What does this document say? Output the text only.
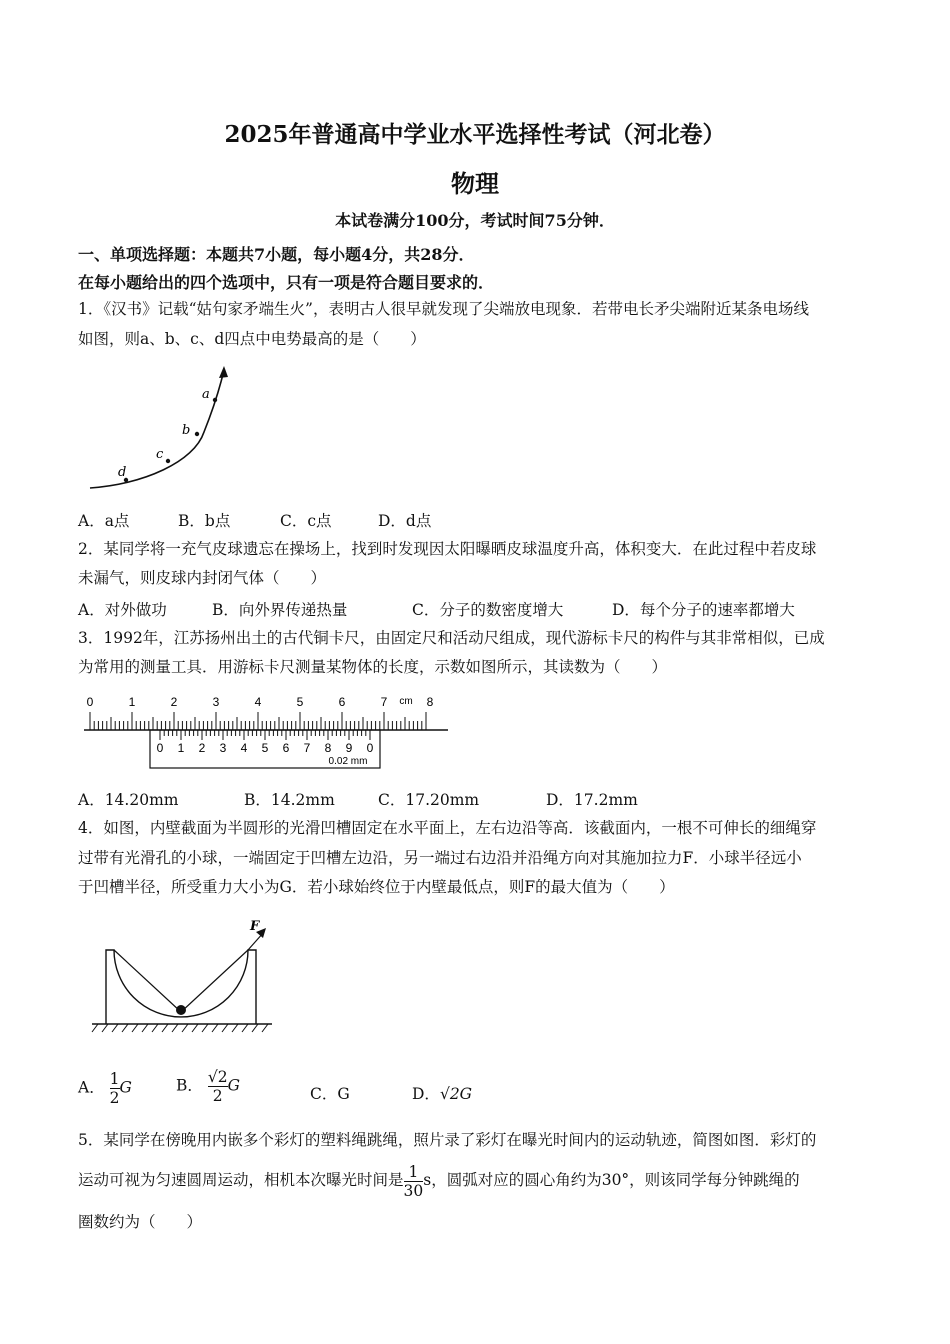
2025年普通高中学业水平选择性考试（河北卷）
物理
本试卷满分100分，考试时间75分钟．
一、单项选择题：本题共7小题，每小题4分，共28分．
在每小题给出的四个选项中，只有一项是符合题目要求的．
1．《汉书》记载“姑句家矛端生火”，表明古人很早就发现了尖端放电现象．若带电长矛尖端附近某条电场线
如图，则a、b、c、d四点中电势最高的是（　　）
d
c
b
a
A．a点	B．b点	C．c点	D．d点
2．某同学将一充气皮球遗忘在操场上，找到时发现因太阳曝晒皮球温度升高，体积变大．在此过程中若皮球
未漏气，则皮球内封闭气体（　　）
A．对外做功	B．向外界传递热量	C．分子的数密度增大	D．每个分子的速率都增大
3．1992年，江苏扬州出土的古代铜卡尺，由固定尺和活动尺组成，现代游标卡尺的构件与其非常相似，已成
为常用的测量工具．用游标卡尺测量某物体的长度，示数如图所示，其读数为（　　）
0	1	2	3	4	5	6	7	8
cm
0 1 2 3 4 5 6 7 8 9 0
0.02 mm
A．14.20mm	B．14.2mm	C．17.20mm	D．17.2mm
4．如图，内壁截面为半圆形的光滑凹槽固定在水平面上，左右边沿等高．该截面内，一根不可伸长的细绳穿
过带有光滑孔的小球，一端固定于凹槽左边沿，另一端过右边沿并沿绳方向对其施加拉力F．小球半径远小
于凹槽半径，所受重力大小为G．若小球始终位于内壁最低点，则F的最大值为（　　）
F
A． $\frac{1}{2}$ G	B． $\frac{√2}{2}$ G	C．G	D．√2G
5．某同学在傍晚用内嵌多个彩灯的塑料绳跳绳，照片录了彩灯在曝光时间内的运动轨迹，简图如图．彩灯的
运动可视为匀速圆周运动，相机本次曝光时间是 $\frac{1}{30}$ s，圆弧对应的圆心角约为30°，则该同学每分钟跳绳的
圈数约为（　　）
